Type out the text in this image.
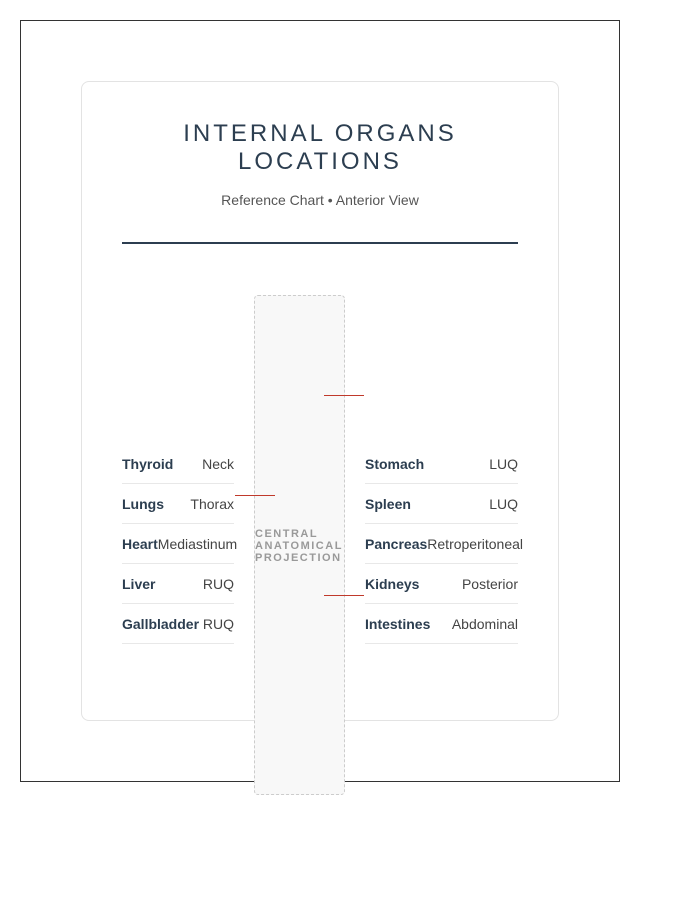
INTERNAL ORGANS
LOCATIONS
Reference Chart • Anterior View
CENTRAL
ANATOMICAL
PROJECTION
Thyroid Neck
Lungs Thorax
Heart Mediastinum
Liver	RUQ
Gallbladder RUQ
Stomach	LUQ
Spleen	LUQ
Pancreas Retroperitoneal
Kidneys	Posterior
Intestines Abdominal
